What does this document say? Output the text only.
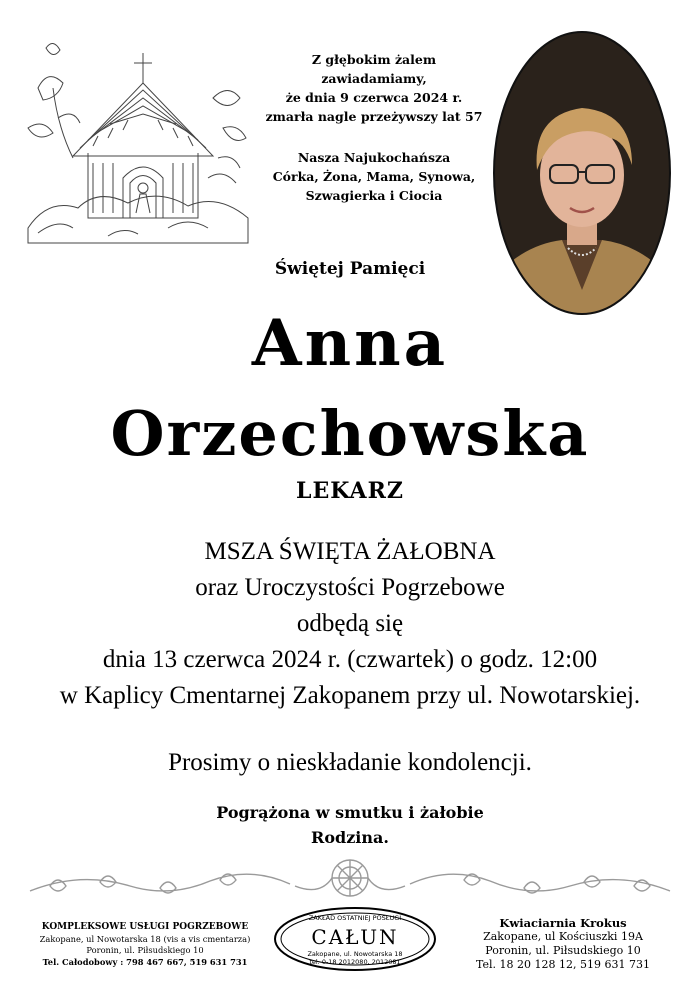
Z głębokim żalem zawiadamiamy,
że dnia 9 czerwca 2024 r.
zmarła nagle przeżywszy lat 57
Nasza Najukochańsza
Córka, Żona, Mama, Synowa,
Szwagierka i Ciocia
Świętej Pamięci
Anna
Orzechowska
LEKARZ
MSZA ŚWIĘTA ŻAŁOBNA
oraz Uroczystości Pogrzebowe
odbędą się
dnia 13 czerwca 2024 r. (czwartek) o godz. 12:00
w Kaplicy Cmentarnej Zakopanem przy ul. Nowotarskiej.
Prosimy o nieskładanie kondolencji.
Pogrążona w smutku i żałobie
Rodzina.
KOMPLEKSOWE USŁUGI POGRZEBOWE
Zakopane, ul Nowotarska 18 (vis a vis cmentarza)
Poronin, ul. Piłsudskiego 10
Tel. Całodobowy : 798 467 667, 519 631 731
ZAKŁAD OSTATNIEJ POSŁUGI
CAŁUN
Zakopane, ul. Nowotarska 18
tel. 0-18 2012080, 2012081
Kwiaciarnia Krokus
Zakopane, ul Kościuszki 19A
Poronin, ul. Piłsudskiego 10
Tel. 18 20 128 12, 519 631 731
